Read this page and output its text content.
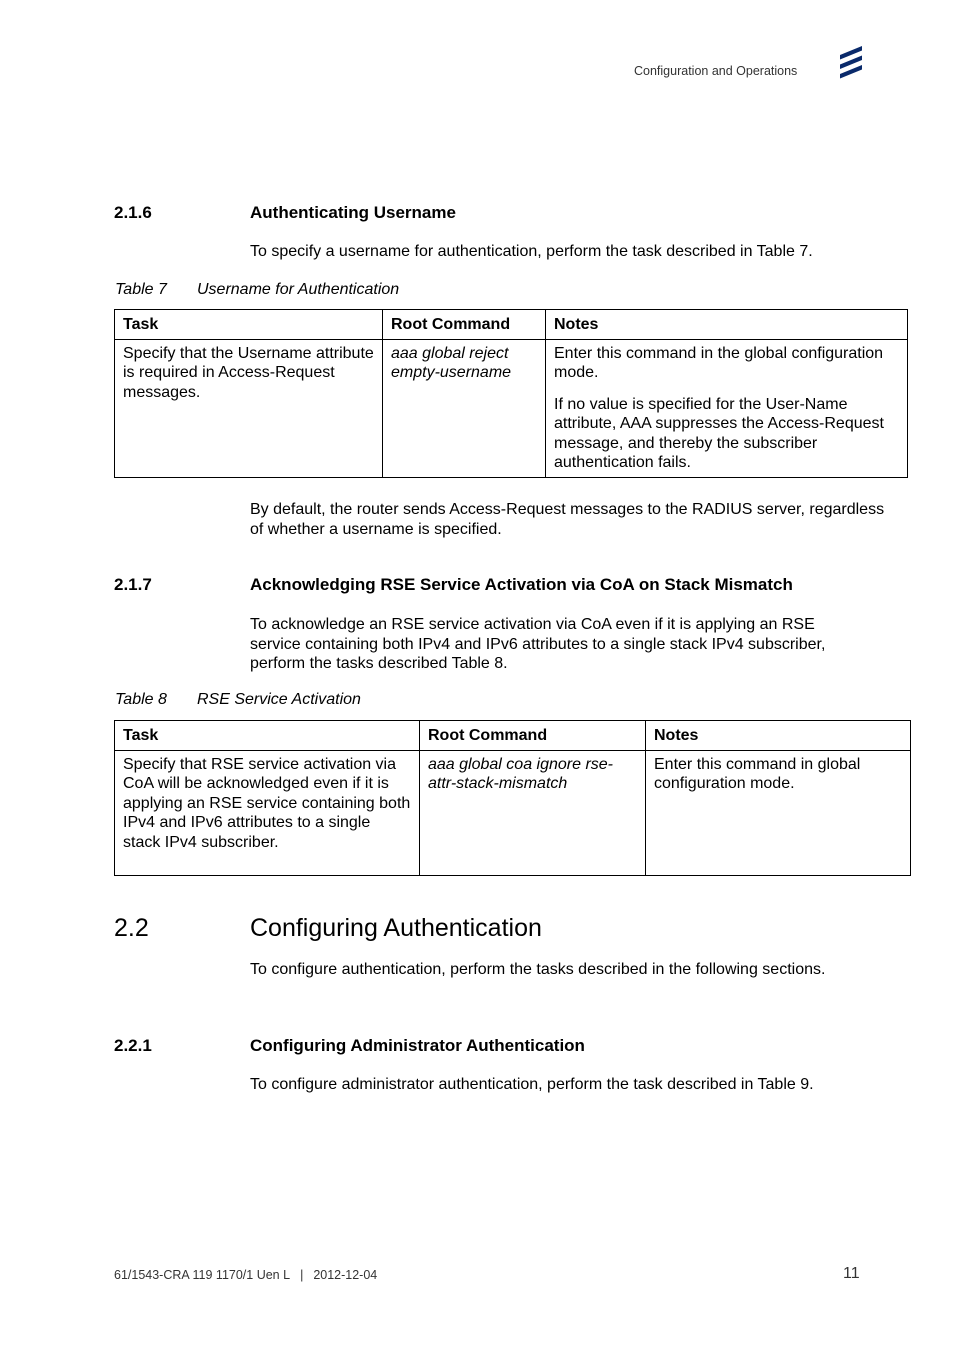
Configuration and Operations
2.1.6	Authenticating Username
To specify a username for authentication, perform the task described in Table 7.
Table 7 Username for Authentication
Task	Root Command	Notes
Specify that the Username attribute is required in Access-Request messages.	aaa global reject empty-username	Enter this command in the global configuration mode.

If no value is specified for the User-Name attribute, AAA suppresses the Access-Request message, and thereby the subscriber authentication fails.

By default, the router sends Access-Request messages to the RADIUS server, regardless of whether a username is specified.
2.1.7	Acknowledging RSE Service Activation via CoA on Stack Mismatch
To acknowledge an RSE service activation via CoA even if it is applying an RSE service containing both IPv4 and IPv6 attributes to a single stack IPv4 subscriber, perform the tasks described Table 8.
Table 8 RSE Service Activation
Task	Root Command	Notes
Specify that RSE service activation via CoA will be acknowledged even if it is applying an RSE service containing both IPv4 and IPv6 attributes to a single stack IPv4 subscriber.	aaa global coa ignore rse-attr-stack-mismatch	Enter this command in global configuration mode.

2.2	Configuring Authentication
To configure authentication, perform the tasks described in the following sections.
2.2.1	Configuring Administrator Authentication
To configure administrator authentication, perform the task described in Table 9.
61/1543-CRA 119 1170/1 Uen L | 2012-12-04	11
